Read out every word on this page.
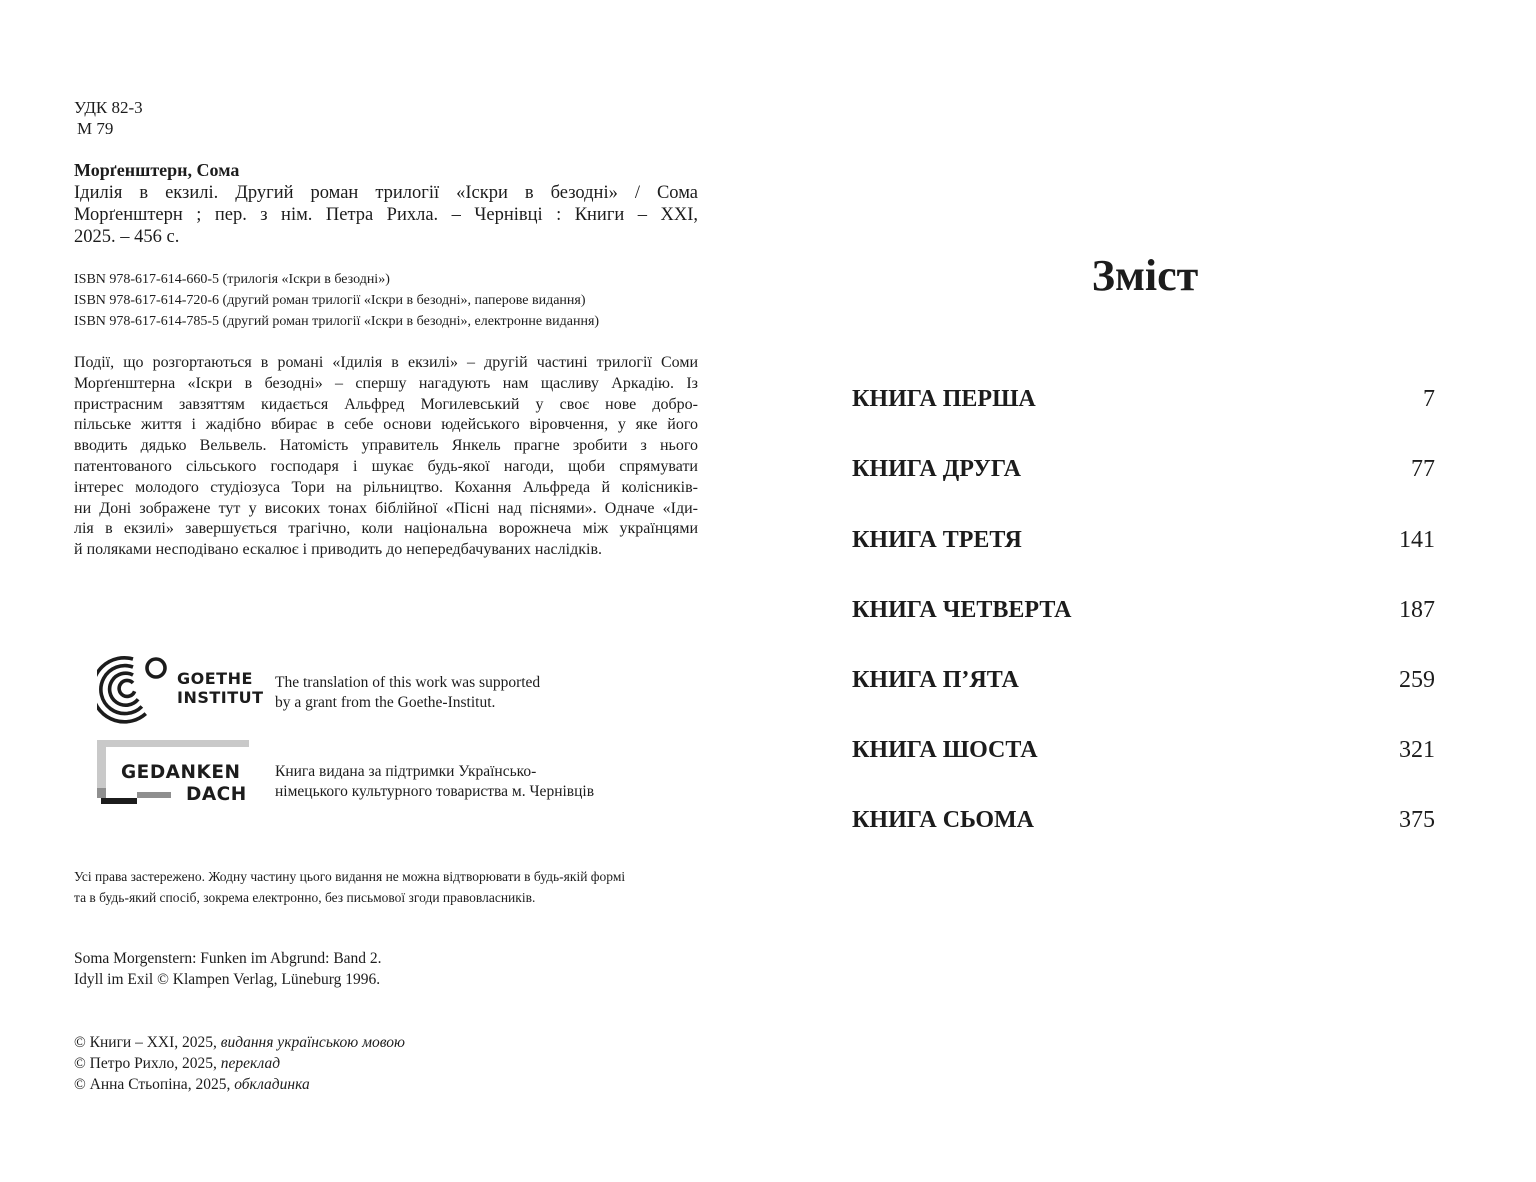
УДК 82-3
М 79
Морґенштерн, Сома
Ідилія в екзилі. Другий роман трилогії «Іскри в безодні» / Сома
Морґенштерн ; пер. з нім. Петра Рихла. – Чернівці : Книги – ХХІ,
2025. – 456 с.
ISBN 978-617-614-660-5 (трилогія «Іскри в безодні»)
ISBN 978-617-614-720-6 (другий роман трилогії «Іскри в безодні», паперове видання)
ISBN 978-617-614-785-5 (другий роман трилогії «Іскри в безодні», електронне видання)
Події, що розгортаються в романі «Ідилія в екзилі» – другій частині трилогії Соми
Морґенштерна «Іскри в безодні» – спершу нагадують нам щасливу Аркадію. Із
пристрасним завзяттям кидається Альфред Могилевський у своє нове добро-
пільське життя і жадібно вбирає в себе основи юдейського віровчення, у яке його
вводить дядько Вельвель. Натомість управитель Янкель прагне зробити з нього
патентованого сільського господаря і шукає будь-якої нагоди, щоби спрямувати
інтерес молодого студіозуса Тори на рільництво. Кохання Альфреда й колісників-
ни Доні зображене тут у високих тонах біблійної «Пісні над піснями». Одначе «Іди-
лія в екзилі» завершується трагічно, коли національна ворожнеча між українцями
й поляками несподівано ескалює і приводить до непередбачуваних наслідків.
GOETHE
INSTITUT
The translation of this work was supported
by a grant from the Goethe-Institut.
GEDANKEN
DACH
Книга видана за підтримки Українсько-
німецького культурного товариства м. Чернівців
Усі права застережено. Жодну частину цього видання не можна відтворювати в будь-якій формі
та в будь-який спосіб, зокрема електронно, без письмової згоди правовласників.
Soma Morgenstern: Funken im Abgrund: Band 2.
Idyll im Exil © Klampen Verlag, Lüneburg 1996.
© Книги – ХХІ, 2025, видання українською мовою
© Петро Рихло, 2025, переклад
© Анна Стьопіна, 2025, обкладинка
Зміст
КНИГА ПЕРША	7
КНИГА ДРУГА	77
КНИГА ТРЕТЯ	141
КНИГА ЧЕТВЕРТА	187
КНИГА П’ЯТА	259
КНИГА ШОСТА	321
КНИГА СЬОМА	375
